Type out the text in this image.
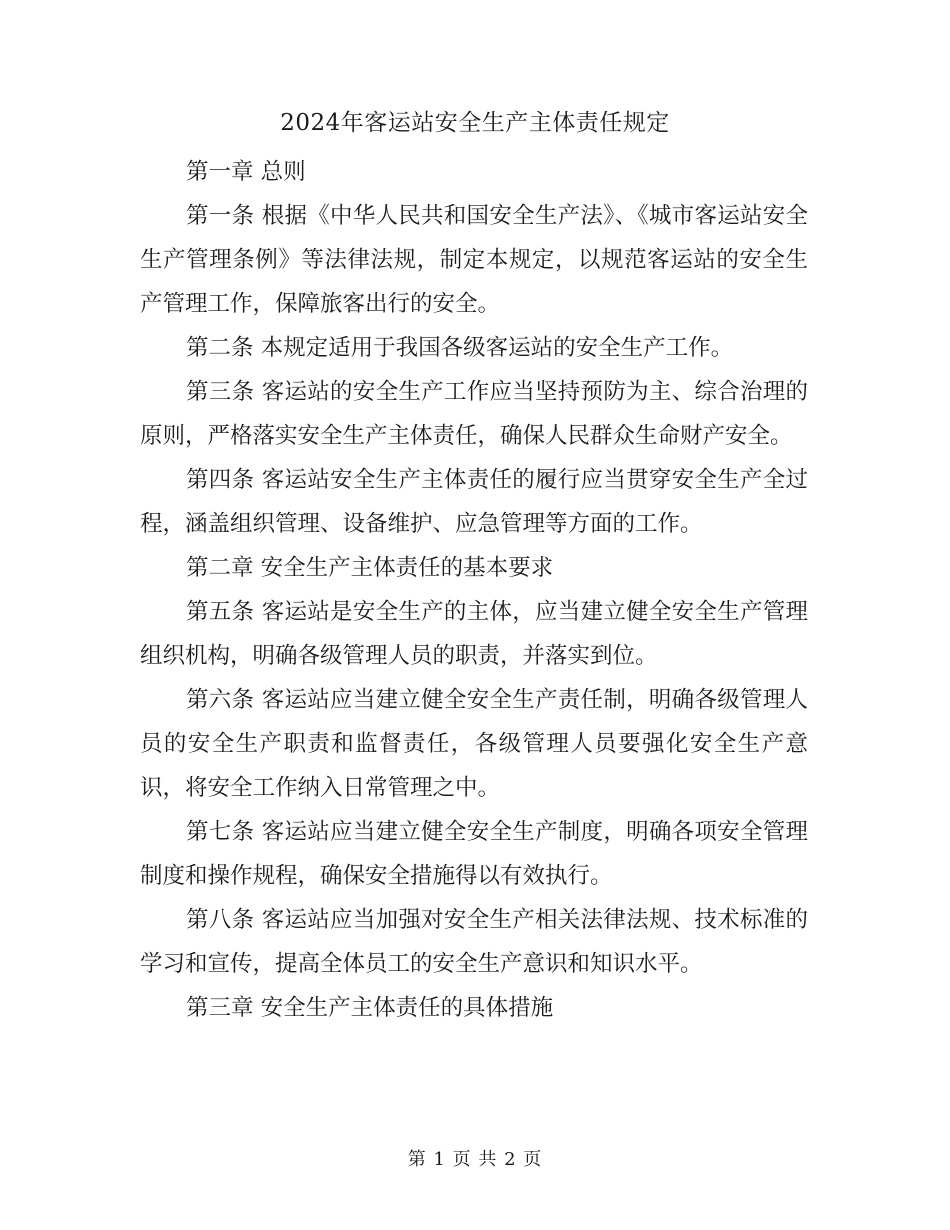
2024年客运站安全生产主体责任规定

第一章 总则

第一条 根据《中华人民共和国安全生产法》、《城市客运站安全生产管理条例》等法律法规，制定本规定，以规范客运站的安全生产管理工作，保障旅客出行的安全。

第二条 本规定适用于我国各级客运站的安全生产工作。

第三条 客运站的安全生产工作应当坚持预防为主、综合治理的原则，严格落实安全生产主体责任，确保人民群众生命财产安全。

第四条 客运站安全生产主体责任的履行应当贯穿安全生产全过程，涵盖组织管理、设备维护、应急管理等方面的工作。

第二章 安全生产主体责任的基本要求

第五条 客运站是安全生产的主体，应当建立健全安全生产管理组织机构，明确各级管理人员的职责，并落实到位。

第六条 客运站应当建立健全安全生产责任制，明确各级管理人员的安全生产职责和监督责任，各级管理人员要强化安全生产意识，将安全工作纳入日常管理之中。

第七条 客运站应当建立健全安全生产制度，明确各项安全管理制度和操作规程，确保安全措施得以有效执行。

第八条 客运站应当加强对安全生产相关法律法规、技术标准的学习和宣传，提高全体员工的安全生产意识和知识水平。

第三章 安全生产主体责任的具体措施

第 1 页 共 2 页
